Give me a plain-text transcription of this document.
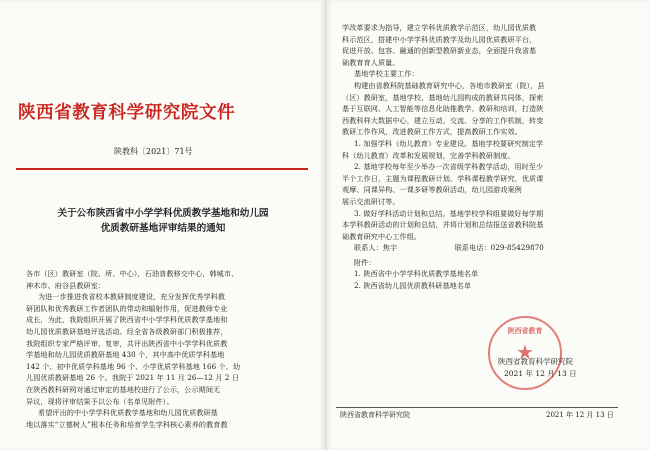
陕西省教育科学研究院文件
陕教科〔2021〕71号
关于公布陕西省中小学学科优质教学基地和幼儿园
优质教研基地评审结果的通知
各市（区）教研室（院、所、中心），石油普教移交中心，韩城市、
神木市、府谷县教研室：
为进一步推进我省校本教研制度建设，充分发挥优秀学科教
研团队和优秀教研工作者团队的带动和辐射作用，促进教师专业
成长，为此，我院组织开展了陕西省中小学学科优质教学基地和
幼儿园优质教研基地评选活动。经全省各级教研部门积极推荐，
我院组织专家严格评审、复审，共评出陕西省中小学学科优质教
学基地和幼儿园优质教研基地 430 个，其中高中优质学科基地
142 个、初中优质学科基地 96 个、小学优质学科基地 166 个、幼
儿园优质教研基地 26 个。我院于 2021 年 11 月 26—12 月 2 日
在陕西教科研网对通过审定的基地校进行了公示，公示期间无
异议，现将评审结果予以公布（名单见附件）。
希望评出的中小学学科优质教学基地和幼儿园优质教研基
地以落实“立德树人”根本任务和培育学生学科核心素养的教育教
学改革要求为指导，建立学科优质教学示范区，幼儿园优质教
科示范区，搭建中小学学科优质教学及幼儿园优质教研平台，
促进开放、包容、融通的创新型教研新业态，全面提升我省基
础教育育人质量。
基地学校主要工作：
构建由省教科院基础教育研究中心，各地市教研室（院），县
（区）教研室，基地学校、基地幼儿园构成的教研共同体，探索
基于互联网、人工智能等信息化助推教学、教研和培训，打造陕
西教科样大数据中心，建立互动、交流、分享的工作机制，转变
教研工作作风，改进教研工作方式，提高教研工作实效。
1. 加强学科（幼儿教育）专业建设。基地学校要研究制定学
科（幼儿教育）改革和发展规划，完善学科教研制度。
2. 基地学校每年至少举办一次省级学科教学活动，用时至少
半个工作日，主题为课程教研计划、学科课程教学研究，优质课
观摩、同课异构、一课多研等教研活动，幼儿园游戏案例
展示交流研讨等。
3. 做好学科活动计划和总结。基地学校学科组要做好每学期
本学科教研活动的计划和总结，并将计划和总结报送省教科院基
础教育研究中心工作组。
联系人：焦宇　　　　　　　　联系电话：029-85429870
附件：
1. 陕西省中小学学科优质教学基地名单
2. 陕西省幼儿园优质教科研基地名单
陕西省教育
★
陕西省教育科学研究院
2021 年 12 月 13 日
陕西省教育科学研究院	2021 年 12 月 13 日
